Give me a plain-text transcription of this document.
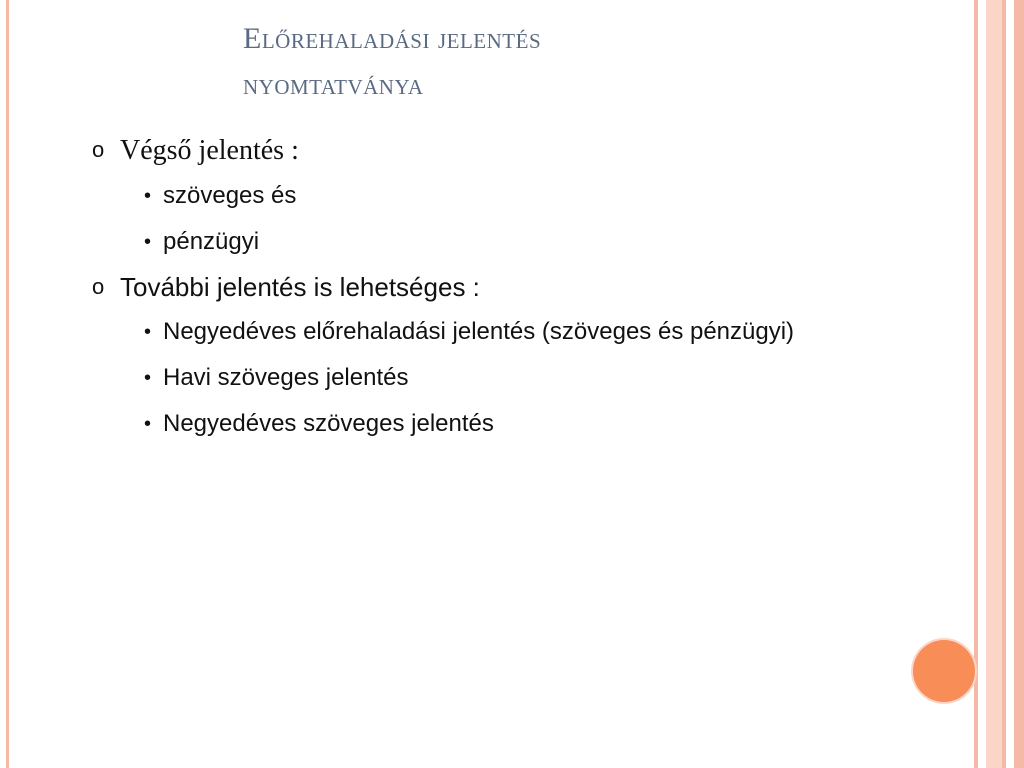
Előrehaladási jelentés
nyomtatványa
o Végső jelentés :
• szöveges és
• pénzügyi
o További jelentés is lehetséges :
• Negyedéves előrehaladási jelentés (szöveges és pénzügyi)
• Havi szöveges jelentés
• Negyedéves szöveges jelentés
